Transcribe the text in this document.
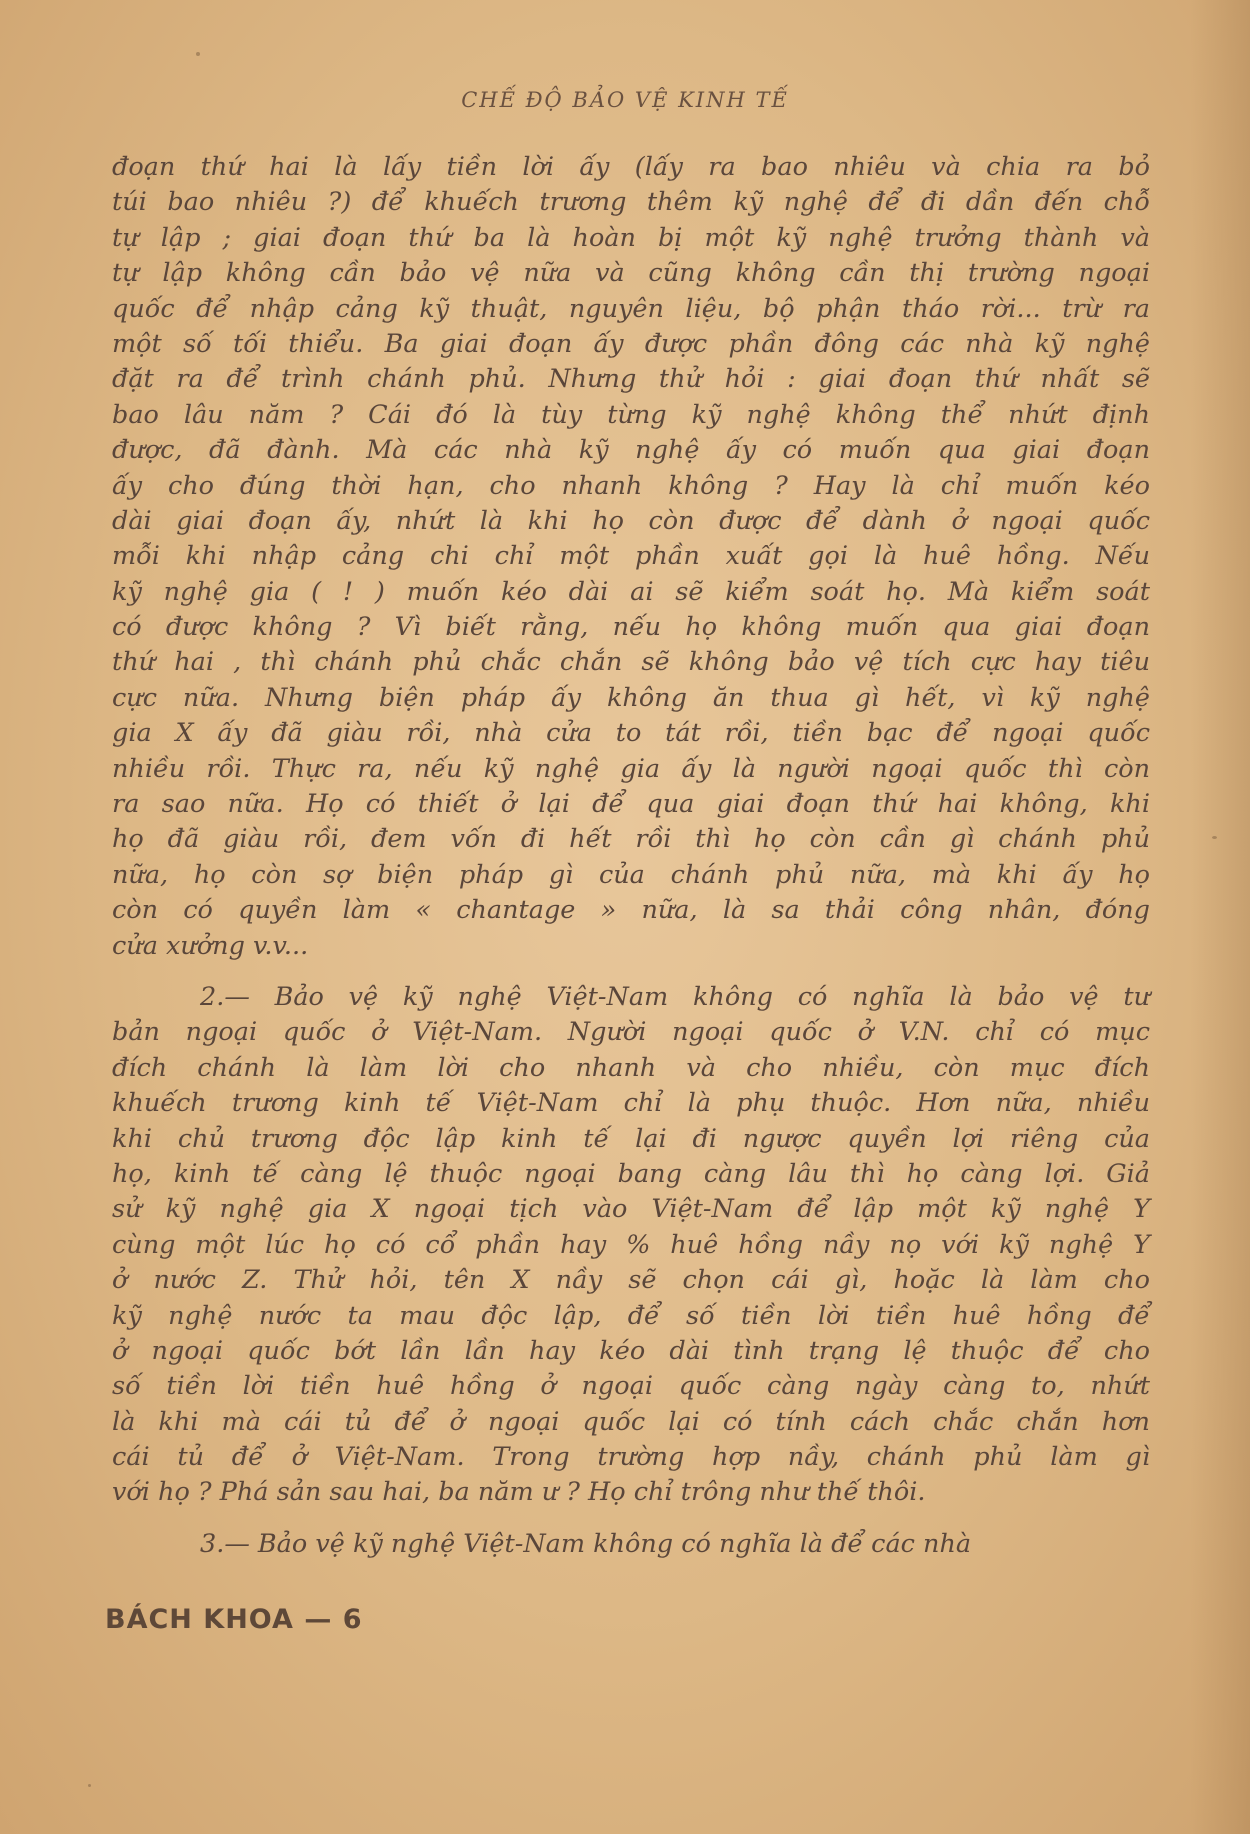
CHẾ ĐỘ BẢO VỆ KINH TẾ
đoạn thứ hai là lấy tiền lời ấy (lấy ra bao nhiêu và chia ra bỏ
túi bao nhiêu ?) để khuếch trương thêm kỹ nghệ để đi dần đến chỗ
tự lập ; giai đoạn thứ ba là hoàn bị một kỹ nghệ trưởng thành và
tự lập không cần bảo vệ nữa và cũng không cần thị trường ngoại
quốc để nhập cảng kỹ thuật, nguyên liệu, bộ phận tháo rời... trừ ra
một số tối thiểu. Ba giai đoạn ấy được phần đông các nhà kỹ nghệ
đặt ra để trình chánh phủ. Nhưng thử hỏi : giai đoạn thứ nhất sẽ
bao lâu năm ? Cái đó là tùy từng kỹ nghệ không thể nhứt định
được, đã đành. Mà các nhà kỹ nghệ ấy có muốn qua giai đoạn
ấy cho đúng thời hạn, cho nhanh không ? Hay là chỉ muốn kéo
dài giai đoạn ấy, nhứt là khi họ còn được để dành ở ngoại quốc
mỗi khi nhập cảng chi chỉ một phần xuất gọi là huê hồng. Nếu
kỹ nghệ gia ( ! ) muốn kéo dài ai sẽ kiểm soát họ. Mà kiểm soát
có được không ? Vì biết rằng, nếu họ không muốn qua giai đoạn
thứ hai , thì chánh phủ chắc chắn sẽ không bảo vệ tích cực hay tiêu
cực nữa. Nhưng biện pháp ấy không ăn thua gì hết, vì kỹ nghệ
gia X ấy đã giàu rồi, nhà cửa to tát rồi, tiền bạc để ngoại quốc
nhiều rồi. Thực ra, nếu kỹ nghệ gia ấy là người ngoại quốc thì còn
ra sao nữa. Họ có thiết ở lại để qua giai đoạn thứ hai không, khi
họ đã giàu rồi, đem vốn đi hết rồi thì họ còn cần gì chánh phủ
nữa, họ còn sợ biện pháp gì của chánh phủ nữa, mà khi ấy họ
còn có quyền làm « chantage » nữa, là sa thải công nhân, đóng
cửa xưởng v.v...
2.— Bảo vệ kỹ nghệ Việt-Nam không có nghĩa là bảo vệ tư
bản ngoại quốc ở Việt-Nam. Người ngoại quốc ở V.N. chỉ có mục
đích chánh là làm lời cho nhanh và cho nhiều, còn mục đích
khuếch trương kinh tế Việt-Nam chỉ là phụ thuộc. Hơn nữa, nhiều
khi chủ trương độc lập kinh tế lại đi ngược quyền lợi riêng của
họ, kinh tế càng lệ thuộc ngoại bang càng lâu thì họ càng lợi. Giả
sử kỹ nghệ gia X ngoại tịch vào Việt-Nam để lập một kỹ nghệ Y
cùng một lúc họ có cổ phần hay % huê hồng nầy nọ với kỹ nghệ Y
ở nước Z. Thử hỏi, tên X nầy sẽ chọn cái gì, hoặc là làm cho
kỹ nghệ nước ta mau độc lập, để số tiền lời tiền huê hồng để
ở ngoại quốc bớt lần lần hay kéo dài tình trạng lệ thuộc để cho
số tiền lời tiền huê hồng ở ngoại quốc càng ngày càng to, nhứt
là khi mà cái tủ để ở ngoại quốc lại có tính cách chắc chắn hơn
cái tủ để ở Việt-Nam. Trong trường hợp nầy, chánh phủ làm gì
với họ ? Phá sản sau hai, ba năm ư ? Họ chỉ trông như thế thôi.
3.— Bảo vệ kỹ nghệ Việt-Nam không có nghĩa là để các nhà
BÁCH KHOA — 6
